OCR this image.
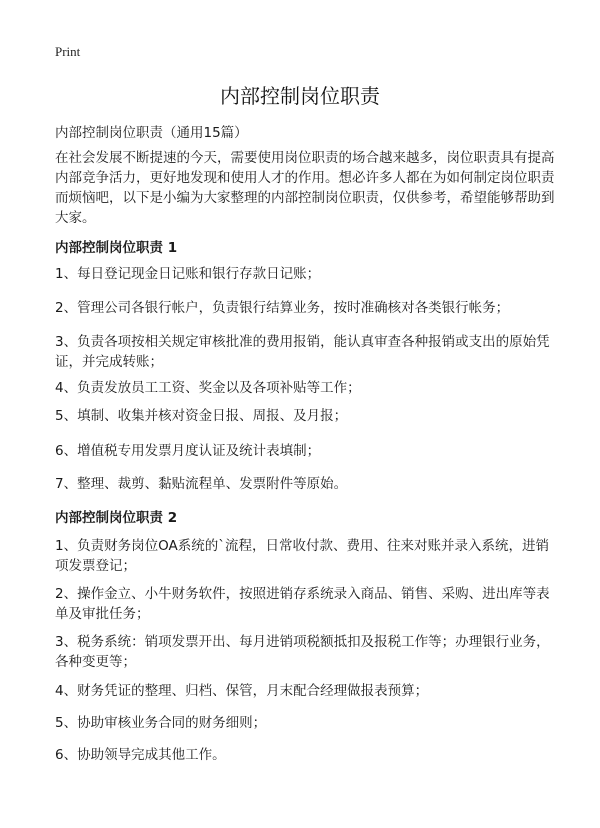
Print
内部控制岗位职责

内部控制岗位职责（通用15篇）

在社会发展不断提速的今天，需要使用岗位职责的场合越来越多，岗位职责具有提高内部竞争活力，更好地发现和使用人才的作用。想必许多人都在为如何制定岗位职责而烦恼吧，以下是小编为大家整理的内部控制岗位职责，仅供参考，希望能够帮助到大家。

内部控制岗位职责 1

1、每日登记现金日记账和银行存款日记账；

2、管理公司各银行帐户，负责银行结算业务，按时准确核对各类银行帐务；

3、负责各项按相关规定审核批准的费用报销，能认真审查各种报销或支出的原始凭证，并完成转账；

4、负责发放员工工资、奖金以及各项补贴等工作；

5、填制、收集并核对资金日报、周报、及月报；

6、增值税专用发票月度认证及统计表填制；

7、整理、裁剪、黏贴流程单、发票附件等原始。

内部控制岗位职责 2

1、负责财务岗位OA系统的`流程，日常收付款、费用、往来对账并录入系统，进销项发票登记；

2、操作金立、小牛财务软件，按照进销存系统录入商品、销售、采购、进出库等表单及审批任务；

3、税务系统：销项发票开出、每月进销项税额抵扣及报税工作等；办理银行业务，各种变更等；

4、财务凭证的整理、归档、保管，月末配合经理做报表预算；

5、协助审核业务合同的财务细则；

6、协助领导完成其他工作。
